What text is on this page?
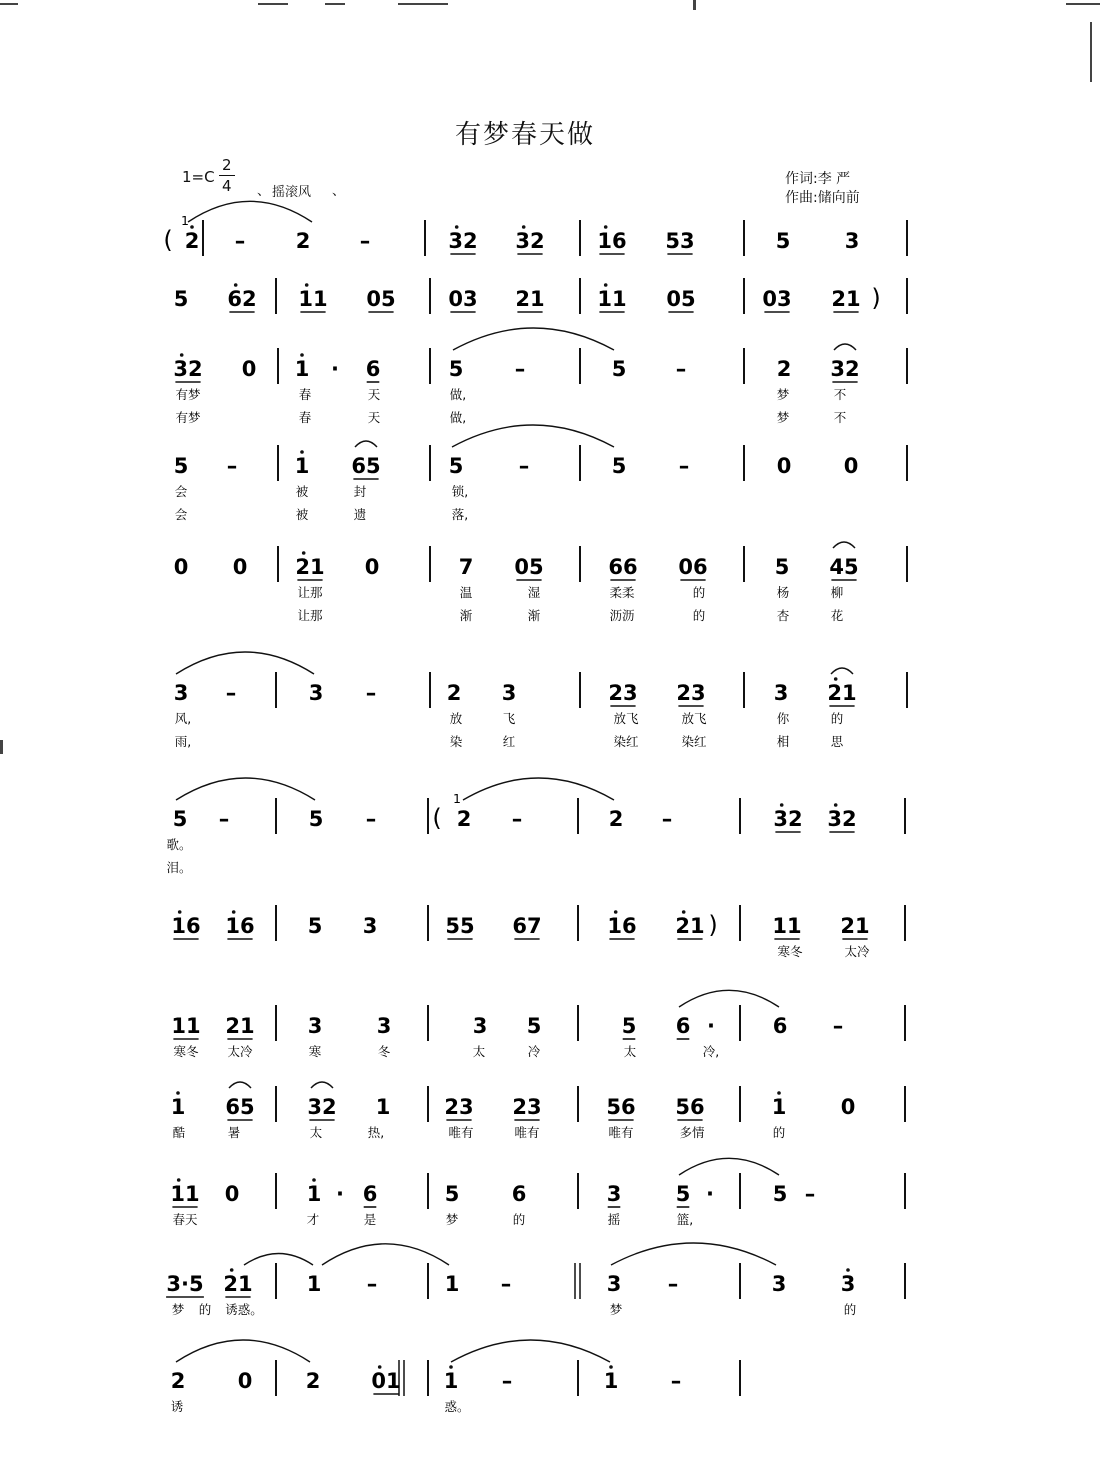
有梦春天做
1=C
2
4 、 摇滚风 、
作词:李 严
作曲:储向前
( 2 – 2 –	32 32	16 53	5	3
1
)
5 62 11 05	03 21	11 05	03 21
32 0 1 · 6	5 –	5 –	2 32
有梦	春	天	做,	梦	不
有梦	春	天	做,	梦	不
5 –	1 65	5	–	5 –	0 0
会	被	封	锁,
会	被	遗	落,
0 0 21 0	7 05	66 06	5 45
让那	温	湿	柔柔	的	杨	柳
让那	渐	渐	沥沥	的	杏	花
3 –	3 –	2 3	23 23	3 21
风,	放	飞	放飞	放飞	你	的
雨,	染	红	染红	染红	相	思
(
5 –	5 –	2 –	2 –	32 32
1
歌。
泪。
)
16 16	5 3	55 67	16 21	11 21
寒冬	太冷
11 21	3	3	3 5	5 6 ·	6 –
寒冬 太冷	寒	冬	太	冷	太	冷,
1 65	32 1	23 23	56 56	1	0
酷	暑	太	热,	唯有	唯有	唯有	多情	的
11 0	1 · 6	5 6	3	5 ·	5 –
春天	才	是	梦	的	摇	篮,
3·5 21	1 –	1 –	3 –	3	3
梦 的 诱惑。	梦	的
2 0	2 01 1 –	1 –
诱	惑。
